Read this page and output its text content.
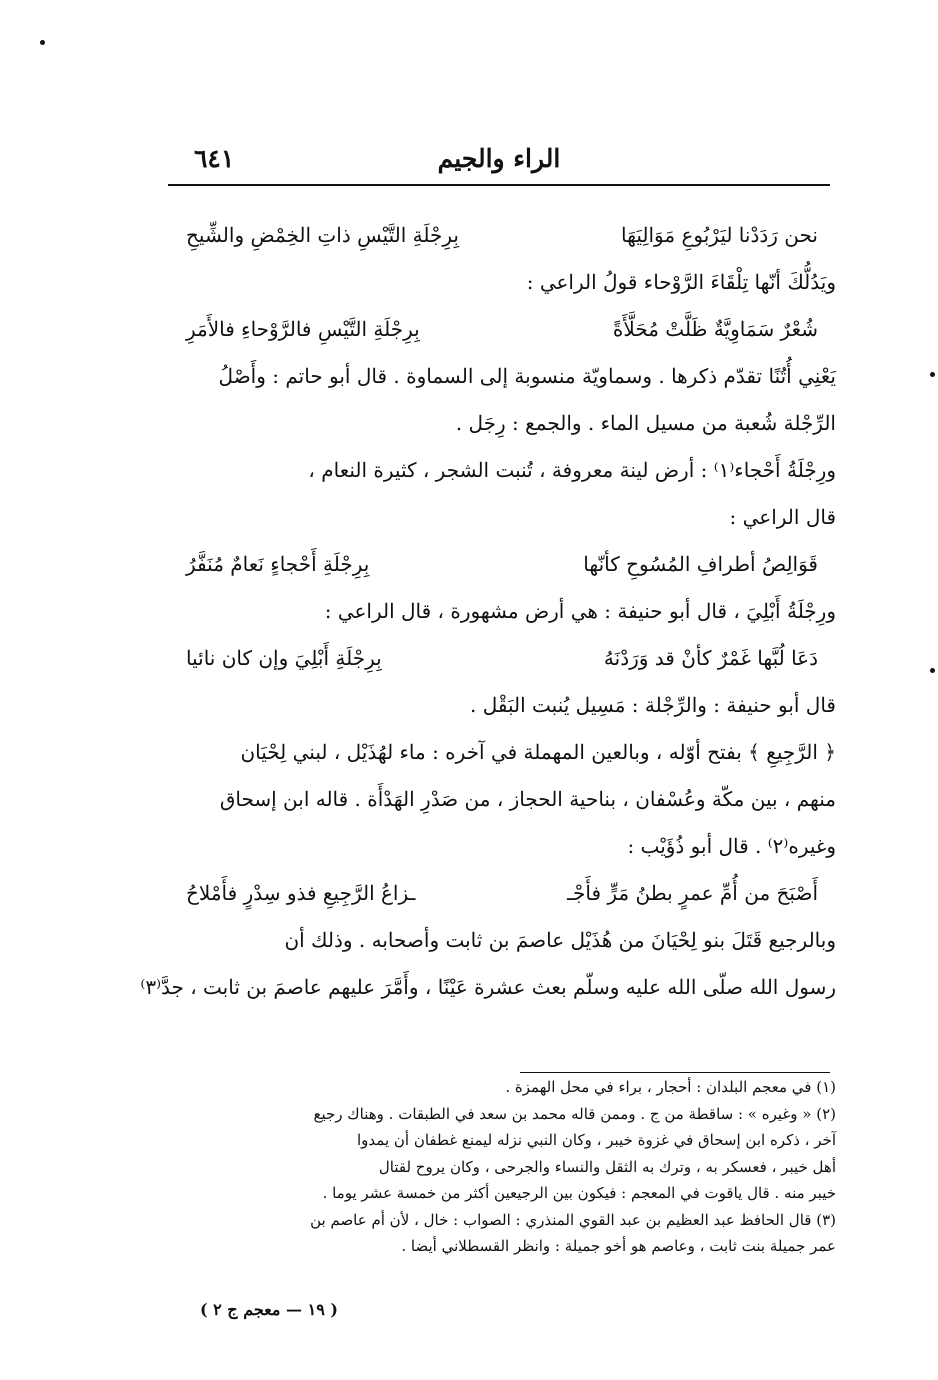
الراء والجيم
٦٤١
نحن رَدَدْنا ليَرْبُوعِ مَوَالِيَهَا
بِرِجْلَةِ التَّيْسِ ذاتِ الخِمْضِ والشِّيحِ
ويَدُلُّكَ أنّها تِلْقَاءَ الرَّوْحاء قولُ الراعي :
شُعْرٌ سَمَاوِيَّةٌ ظَلَّتْ مُحَلَّأَةً
بِرِجْلَةِ التَّيْسِ فالرَّوْحاءِ فالأَمَرِ
يَعْنِي أُتُنًا تقدّم ذكرها . وسماويّة منسوبة إلى السماوة . قال أبو حاتم : وأَصْلُ
الرِّجْلة شُعبة من مسيل الماء . والجمع : رِجَل .
ورِجْلَةُ أَحْجاء⁽١⁾ : أرض لينة معروفة ، تُنبت الشجر ، كثيرة النعام ،
قال الراعي :
قَوَالِصُ أطرافِ المُسُوحِ كأنّها
بِرِجْلَةِ أَحْجاءٍ نَعامٌ مُنَفَّرُ
ورِجْلَةُ أَبْلِيَ ، قال أبو حنيفة : هي أرض مشهورة ، قال الراعي :
دَعَا لُبَّها غَمْرٌ كأنْ قد وَرَدْنَهُ
بِرِجْلَةِ أَبْلِيَ وإن كان نائيا
قال أبو حنيفة : والرِّجْلة : مَسِيل يُنبت البَقْل .
﴿ الرَّجِيعِ ﴾ بفتح أوّله ، وبالعين المهملة في آخره : ماء لهُذَيْل ، لبني لِحْيَان
منهم ، بين مكّة وعُسْفان ، بناحية الحجاز ، من صَدْرِ الهَدْأَة . قاله ابن إسحاق
وغيره⁽٢⁾ . قال أبو ذُؤَيْب :
أَصْبَحَ من أُمِّ عمرٍ بطنُ مَرٍّ فأَجْـ
ـزاعُ الرَّجِيعِ فذو سِدْرٍ فأَمْلاحُ
وبالرجيع قَتَلَ بنو لِحْيَانَ من هُذَيْل عاصمَ بن ثابت وأصحابه . وذلك أن
رسول الله صلّى الله عليه وسلّم بعث عشرة عَيْنًا ، وأَمَّرَ عليهم عاصمَ بن ثابت ، جدَّ⁽٣⁾
(١) في معجم البلدان : أحجار ، براء في محل الهمزة .
(٢) « وغيره » : ساقطة من ج . وممن قاله محمد بن سعد في الطبقات . وهناك رجيع
آخر ، ذكره ابن إسحاق في غزوة خيبر ، وكان النبي نزله ليمنع غطفان أن يمدوا
أهل خيبر ، فعسكر به ، وترك به الثقل والنساء والجرحى ، وكان يروح لقتال
خيبر منه . قال ياقوت في المعجم : فيكون بين الرجيعين أكثر من خمسة عشر يوما .
(٣) قال الحافظ عبد العظيم بن عبد القوي المنذري : الصواب : خال ، لأن أم عاصم بن
عمر جميلة بنت ثابت ، وعاصم هو أخو جميلة : وانظر القسطلاني أيضا .
( ١٩ — معجم ج ٢ )
